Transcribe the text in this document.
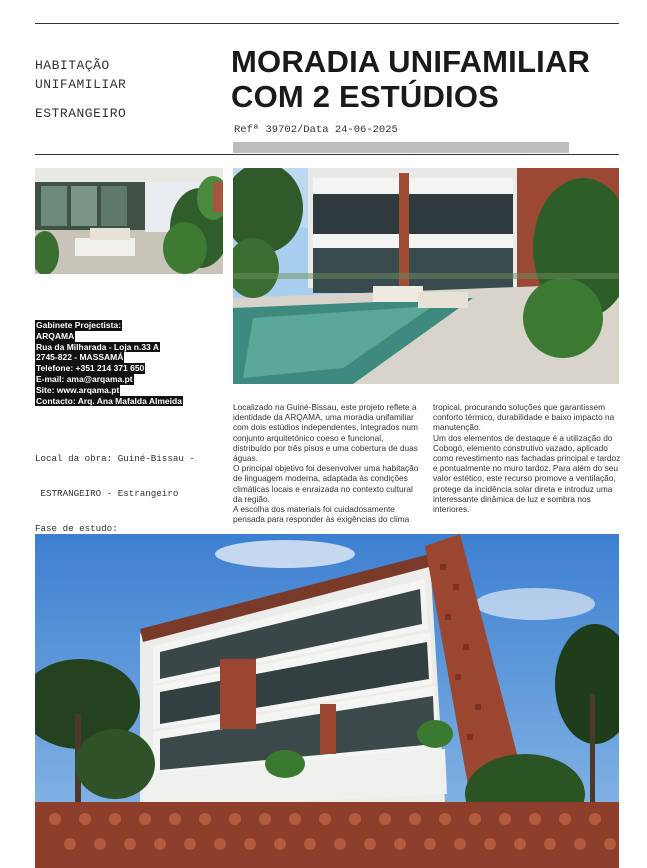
HABITAÇÃO
UNIFAMILIAR
ESTRANGEIRO
MORADIA UNIFAMILIAR
COM 2 ESTÚDIOS
Refª 39702/Data 24-06-2025
Gabinete Projectista:
ARQAMA
Rua da Milharada - Loja n.33 A
2745-822 - MASSAMÁ
Telefone: +351 214 371 650
E-mail: ama@arqama.pt
Site: www.arqama.pt
Contacto: Arq. Ana Mafalda Almeida

Local da obra: Guiné-Bissau -

ESTRANGEIRO - Estrangeiro

Fase de estudo:

Localizado na Guiné-Bissau, este projeto reflete a identidade da ARQAMA, uma moradia unifamiliar com dois estúdios independentes, integrados num conjunto arquitetónico coeso e funcional, distribuído por três pisos e uma cobertura de duas águas.
O principal objetivo foi desenvolver uma habitação de linguagem moderna, adaptada às condições climáticas locais e enraizada no contexto cultural da região.
A escolha dos materiais foi cuidadosamente pensada para responder às exigências do clima

tropical, procurando soluções que garantissem conforto térmico, durabilidade e baixo impacto na manutenção.
Um dos elementos de destaque é a utilização do Cobogó, elemento construtivo vazado, aplicado como revestimento nas fachadas principal e tardoz e pontualmente no muro tardoz. Para além do seu valor estético, este recurso promove a ventilação, protege da incidência solar direta e introduz uma interessante dinâmica de luz e sombra nos interiores.
